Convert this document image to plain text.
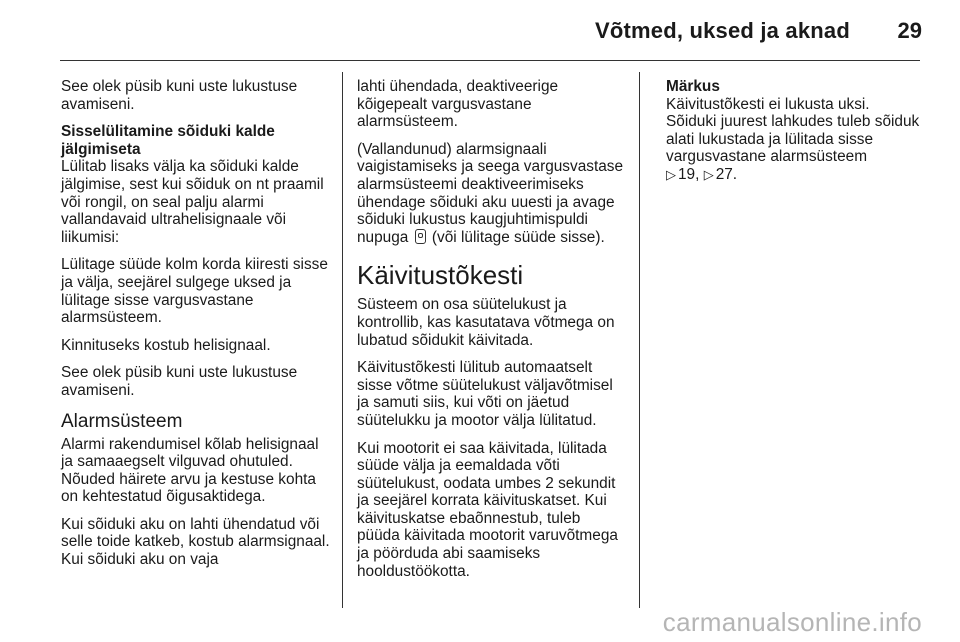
Võtmed, uksed ja aknad 29

See olek püsib kuni uste lukustuse avamiseni.

Sisselülitamine sõiduki kalde jälgimiseta
Lülitab lisaks välja ka sõiduki kalde jälgimise, sest kui sõiduk on nt praamil või rongil, on seal palju alarmi vallandavaid ultrahelisignaale või liikumisi:

Lülitage süüde kolm korda kiiresti sisse ja välja, seejärel sulgege uksed ja lülitage sisse vargusvastane alarmsüsteem.

Kinnituseks kostub helisignaal.

See olek püsib kuni uste lukustuse avamiseni.

Alarmsüsteem

Alarmi rakendumisel kõlab helisignaal ja samaaegselt vilguvad ohutuled. Nõuded häirete arvu ja kestuse kohta on kehtestatud õigusaktidega.

Kui sõiduki aku on lahti ühendatud või selle toide katkeb, kostub alarmsignaal. Kui sõiduki aku on vaja

lahti ühendada, deaktiveerige kõigepealt vargusvastane alarmsüsteem.

(Vallandunud) alarmsignaali vaigistamiseks ja seega vargusvastase alarmsüsteemi deaktiveerimiseks ühendage sõiduki aku uuesti ja avage sõiduki lukustus kaugjuhtimispuldi nupuga (või lülitage süüde sisse).

Käivitustõkesti

Süsteem on osa süütelukust ja kontrollib, kas kasutatava võtmega on lubatud sõidukit käivitada.

Käivitustõkesti lülitub automaatselt sisse võtme süütelukust väljavõtmisel ja samuti siis, kui võti on jäetud süütelukku ja mootor välja lülitatud.

Kui mootorit ei saa käivitada, lülitada süüde välja ja eemaldada võti süütelukust, oodata umbes 2 sekundit ja seejärel korrata käivituskatset. Kui käivituskatse ebaõnnestub, tuleb püüda käivitada mootorit varuvõtmega ja pöörduda abi saamiseks hooldustöökotta.

Märkus
Käivitustõkesti ei lukusta uksi. Sõiduki juurest lahkudes tuleb sõiduk alati lukustada ja lülitada sisse vargusvastane alarmsüsteem
▷ 19, ▷ 27.

carmanualsonline.info
